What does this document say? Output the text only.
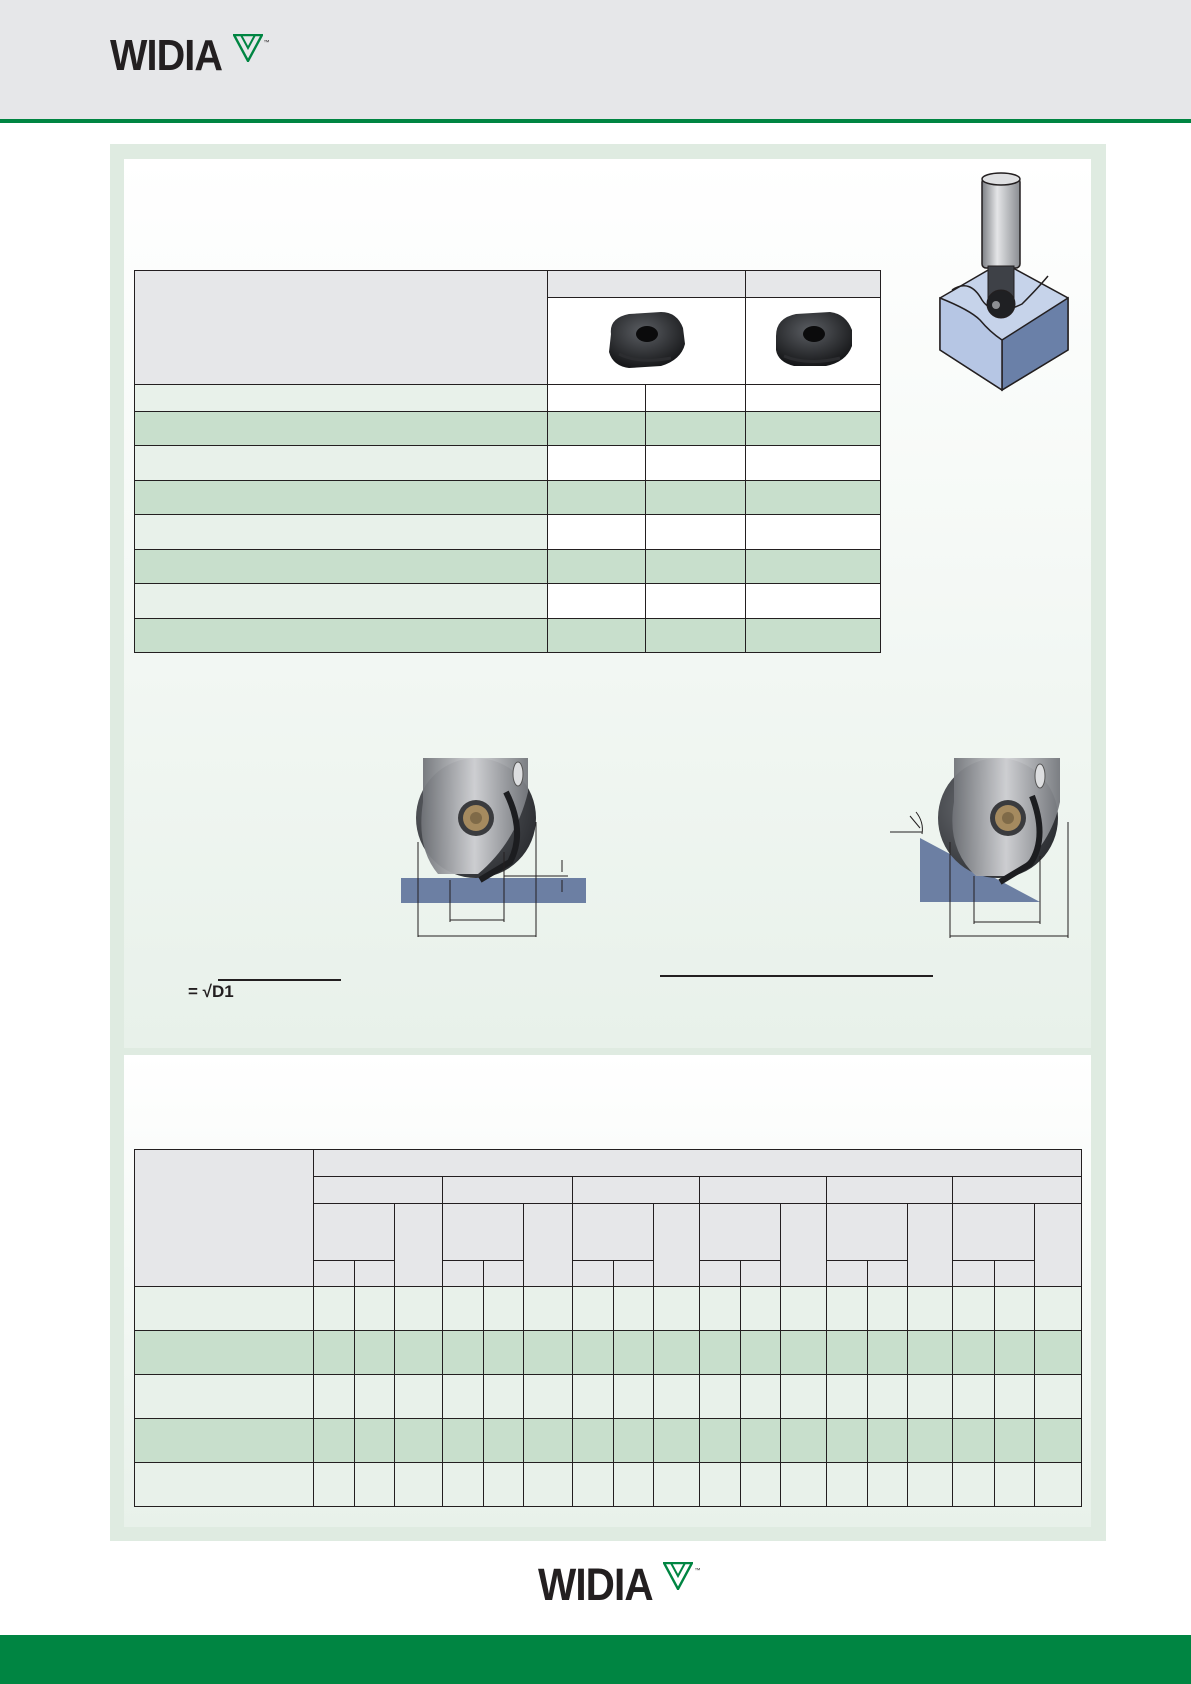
WIDIA	™

= √D1

WIDIA	™
